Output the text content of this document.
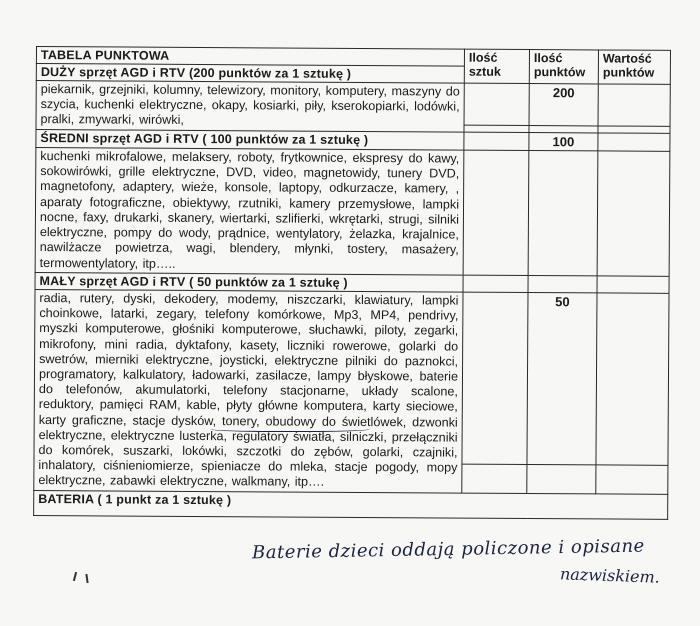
TABELA PUNKTOWA	Ilość sztuk	Ilość punktów	Wartość punktów
DUŻY sprzęt AGD i RTV (200 punktów za 1 sztukę )			
piekarnik, grzejniki, kolumny, telewizory, monitory, komputery, maszyny do szycia, kuchenki elektryczne, okapy, kosiarki, piły, kserokopiarki, lodówki, pralki, zmywarki, wirówki,		200	

ŚREDNI sprzęt AGD i RTV ( 100 punktów za 1 sztukę )		100	
kuchenki mikrofalowe, melaksery, roboty, frytkownice, ekspresy do kawy, sokowirówki, grille elektryczne, DVD, video, magnetowidy, tunery DVD, magnetofony, adaptery, wieże, konsole, laptopy, odkurzacze, kamery, , aparaty fotograficzne, obiektywy, rzutniki, kamery przemysłowe, lampki nocne, faxy, drukarki, skanery, wiertarki, szlifierki, wkrętarki, strugi, silniki elektryczne, pompy do wody, prądnice, wentylatory, żelazka, krajalnice, nawilżacze powietrza, wagi, blendery, młynki, tostery, masażery, termowentylatory, itp…..			
MAŁY sprzęt AGD i RTV ( 50 punktów za 1 sztukę )			
radia, rutery, dyski, dekodery, modemy, niszczarki, klawiatury, lampki choinkowe, latarki, zegary, telefony komórkowe, Mp3, MP4, pendrivy, myszki komputerowe, głośniki komputerowe, słuchawki, piloty, zegarki, mikrofony, mini radia, dyktafony, kasety, liczniki rowerowe, golarki do swetrów, mierniki elektryczne, joysticki, elektryczne pilniki do paznokci, programatory, kalkulatory, ładowarki, zasilacze, lampy błyskowe, baterie do telefonów, akumulatorki, telefony stacjonarne, układy scalone, reduktory, pamięci RAM, kable, płyty główne komputera, karty sieciowe, karty graficzne, stacje dysków, tonery, obudowy do świetlówek, dzwonki elektryczne, elektryczne lusterka, regulatory światła, silniczki, przełączniki do komórek, suszarki, lokówki, szczotki do zębów, golarki, czajniki, inhalatory, ciśnieniomierze, spieniacze do mleka, stacje pogody, mopy elektryczne, zabawki elektryczne, walkmany, itp….		50	

BATERIA ( 1 punkt za 1 sztukę )			
Baterie dzieci oddają policzone i opisane
nazwiskiem.
